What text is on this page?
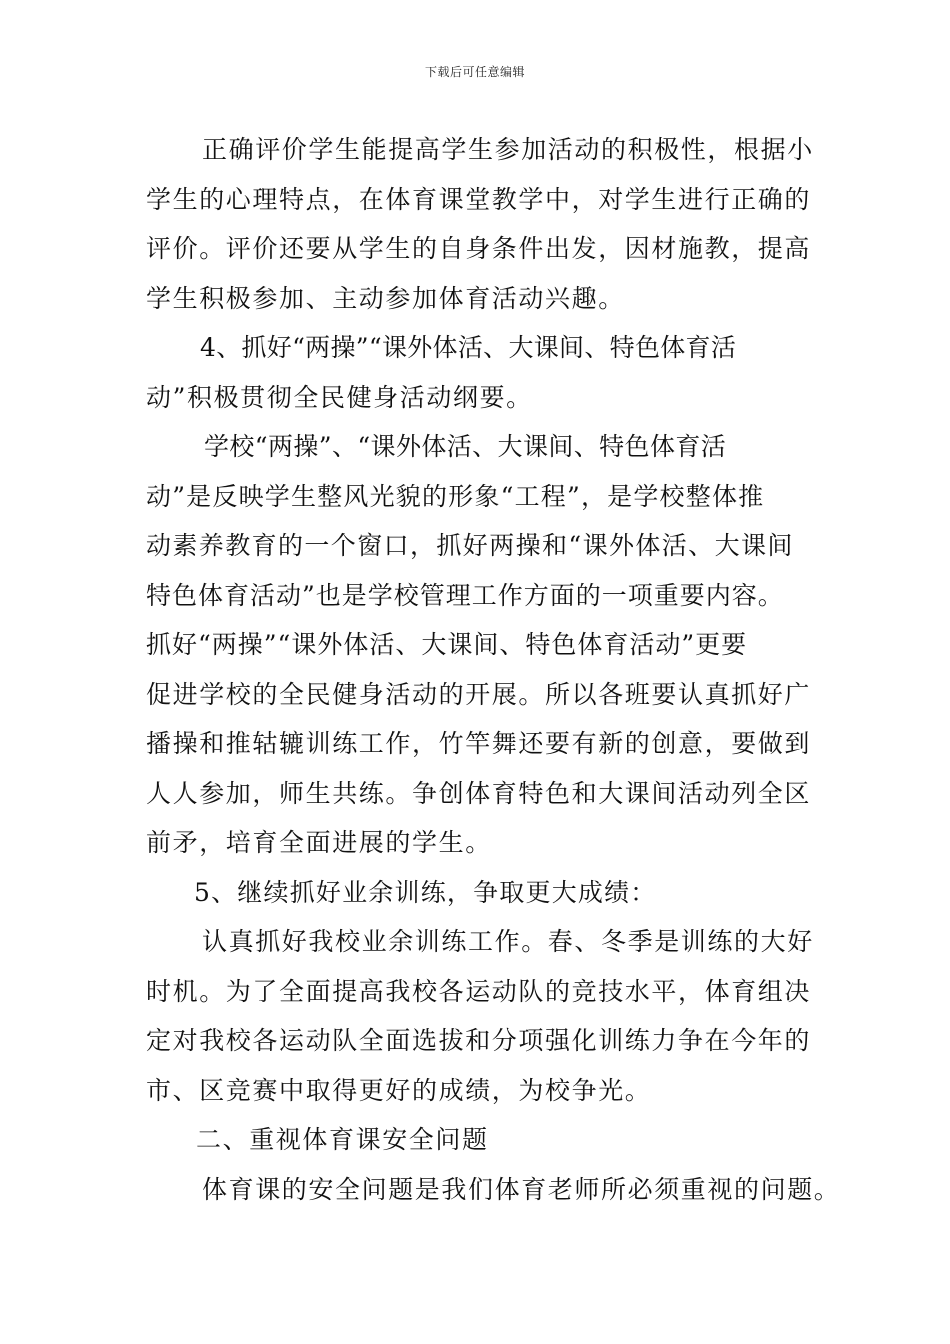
下载后可任意编辑
正确评价学生能提高学生参加活动的积极性，根据小
学生的心理特点，在体育课堂教学中，对学生进行正确的
评价。评价还要从学生的自身条件出发，因材施教，提高
学生积极参加、主动参加体育活动兴趣。
4、抓好“两操”“课外体活、大课间、特色体育活
动”积极贯彻全民健身活动纲要。
学校“两操”、“课外体活、大课间、特色体育活
动”是反映学生整风光貌的形象“工程”，是学校整体推
动素养教育的一个窗口，抓好两操和“课外体活、大课间
特色体育活动”也是学校管理工作方面的一项重要内容。
抓好“两操”“课外体活、大课间、特色体育活动”更要
促进学校的全民健身活动的开展。所以各班要认真抓好广
播操和推轱辘训练工作，竹竿舞还要有新的创意，要做到
人人参加，师生共练。争创体育特色和大课间活动列全区
前矛，培育全面进展的学生。
5、继续抓好业余训练，争取更大成绩：
认真抓好我校业余训练工作。春、冬季是训练的大好
时机。为了全面提高我校各运动队的竞技水平，体育组决
定对我校各运动队全面选拔和分项强化训练力争在今年的
市、区竞赛中取得更好的成绩，为校争光。
二、重视体育课安全问题
体育课的安全问题是我们体育老师所必须重视的问题。
